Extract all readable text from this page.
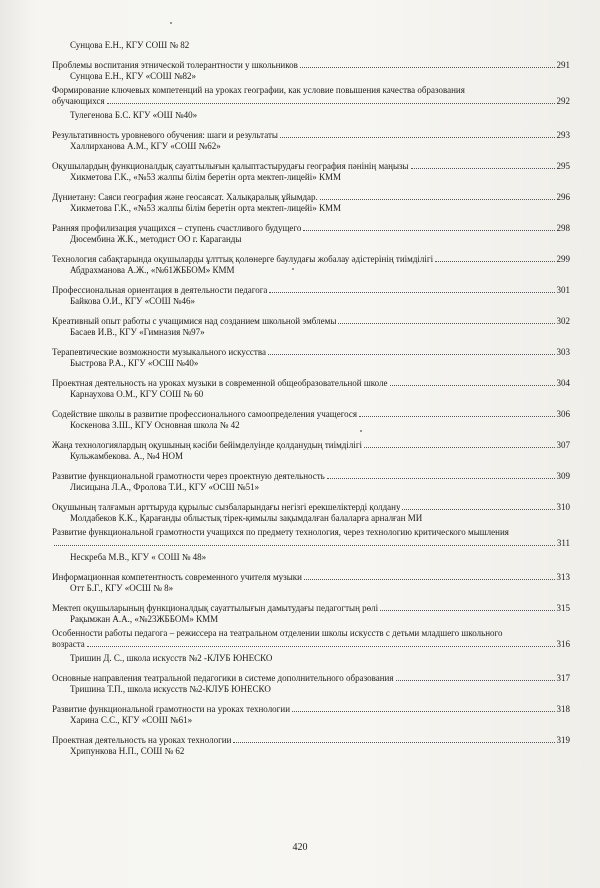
Сунцова Е.Н., КГУ СОШ № 82
Проблемы воспитания этнической толерантности у школьников	291
Сунцова Е.Н., КГУ «СОШ №82»
Формирование ключевых компетенций на уроках географии, как условие повышения качества образования
обучающихся	292
Тулегенова Б.С. КГУ «ОШ №40»
Результативность уровневого обучения: шаги и результаты	293
Халлиpханова А.М., КГУ «СОШ №62»
Оқушылардың функционалдық сауаттылығын қалыптастырудағы география пәнінің маңызы	295
Хикметова Г.К., «№53 жалпы білім беретін орта мектеп-лицейі» КММ
Дүниетану: Саяси география және геосаясат. Халықаралық ұйымдар.	296
Хикметова Г.К., «№53 жалпы білім беретін орта мектеп-лицейі» КММ
Ранняя профилизация учащихся – ступень счастливого будущего	298
Дюсембина Ж.К., методист ОО г. Караганды
Технология сабақтарында оқушыларды ұлттық қолөнерге баулудағы жобалау әдістерінің тиімділігі	299
Абдрахманова А.Ж., «№61ЖББОМ» КММ
Профессиональная ориентация в деятельности педагога	301
Байкова О.И., КГУ «СОШ №46»
Креативный опыт работы с учащимися над созданием школьной эмблемы	302
Басаев И.В., КГУ «Гимназия №97»
Терапевтические возможности музыкального искусства	303
Быстрова Р.А., КГУ «ОСШ №40»
Проектная деятельность на уроках музыки в современной общеобразовательной школе	304
Карнаухова О.М., КГУ СОШ № 60
Содействие школы в развитие профессионального самоопределения учащегося	306
Коскенова З.Ш., КГУ Основная школа № 42
Жаңа технологиялардың оқушының кәсіби бейімделуінде қолданудың тиімділігі	307
Кульжамбекова. А., №4 НОМ
Развитие функциональной грамотности через проектную деятельность	309
Лисицына Л.А., Фролова Т.И., КГУ «ОСШ №51»
Оқушының талғамын арттыруда құрылыс сызбаларындағы негізгі ерекшеліктерді қолдану	310
Молдабеков К.К., Қарағанды облыстық тірек-қимылы зақымдалған балаларға арналған МИ
Развитие функциональной грамотности учащихся по предмету технология, через технологию критического мышления
311
Нескреба М.В., КГУ « СОШ № 48»
Информационная компетентность современного учителя музыки	313
Отт Б.Г., КГУ «ОСШ № 8»
Мектеп оқушыларының функционалдық сауаттылығын дамытудағы педагогтың рөлі	315
Рақымжан А.А., «№23ЖББОМ» КММ
Особенности работы педагога – режиссера на театральном отделении школы искусств с детьми младшего школьного
возраста	316
Тришин Д. С., школа искусств №2 -КЛУБ ЮНЕСКО
Основные направления театральной педагогики в системе дополнительного образования	317
Тришина Т.П., школа искусств №2-КЛУБ ЮНЕСКО
Развитие функциональной грамотности на уроках технологии	318
Харина С.С., КГУ «СОШ №61»
Проектная деятельность на уроках технологии	319
Хрипункова Н.П., СОШ № 62
420
